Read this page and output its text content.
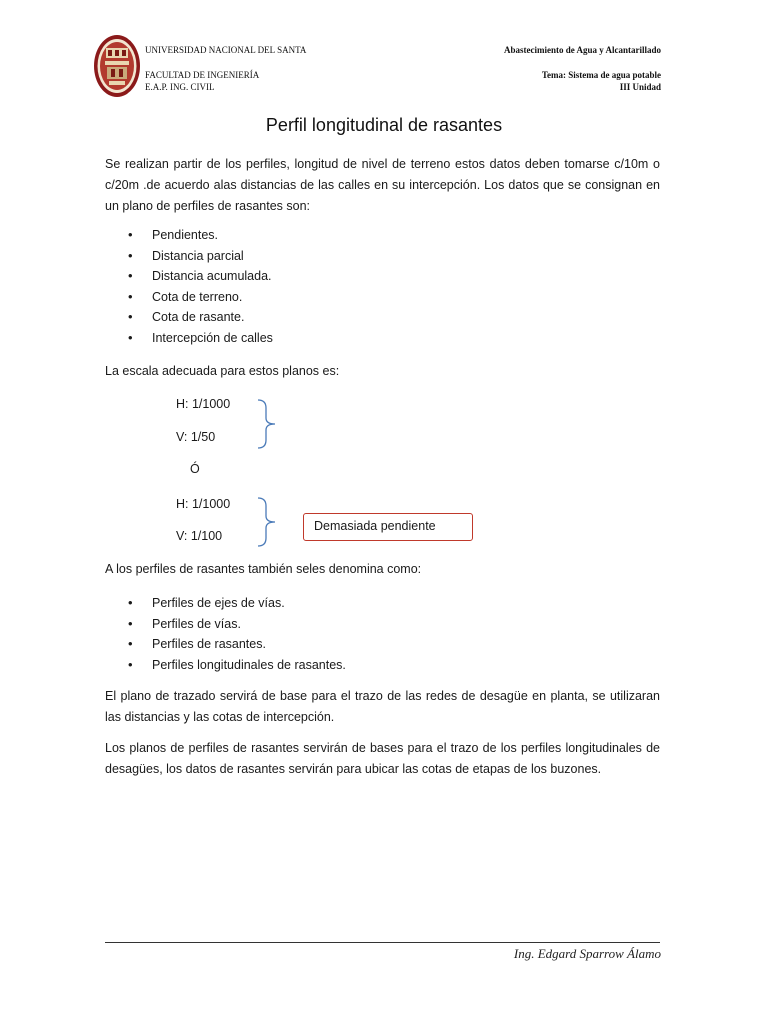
UNIVERSIDAD NACIONAL DEL SANTA
FACULTAD DE INGENIERÍA
E.A.P. ING. CIVIL
Abastecimiento de Agua y Alcantarillado
Tema: Sistema de agua potable
III Unidad
Perfil longitudinal de rasantes
Se realizan partir de los perfiles, longitud de nivel de terreno estos datos deben tomarse c/10m o c/20m .de acuerdo alas distancias de las calles en su intercepción. Los datos que se consignan en un plano de perfiles de rasantes son:
• Pendientes.
• Distancia parcial
• Distancia acumulada.
• Cota de terreno.
• Cota de rasante.
• Intercepción de calles
La escala adecuada para estos planos es:
H: 1/1000
V: 1/50
Ó
H: 1/1000
V: 1/100
Demasiada pendiente
A los perfiles de rasantes también seles denomina como:
• Perfiles de ejes de vías.
• Perfiles de vías.
• Perfiles de rasantes.
• Perfiles longitudinales de rasantes.
El plano de trazado servirá de base para el trazo de las redes de desagüe en planta, se utilizaran las distancias y las cotas de intercepción.
Los planos de perfiles de rasantes servirán de bases para el trazo de los perfiles longitudinales de desagües, los datos de rasantes servirán para ubicar las cotas de etapas de los buzones.
Ing. Edgard Sparrow Álamo
